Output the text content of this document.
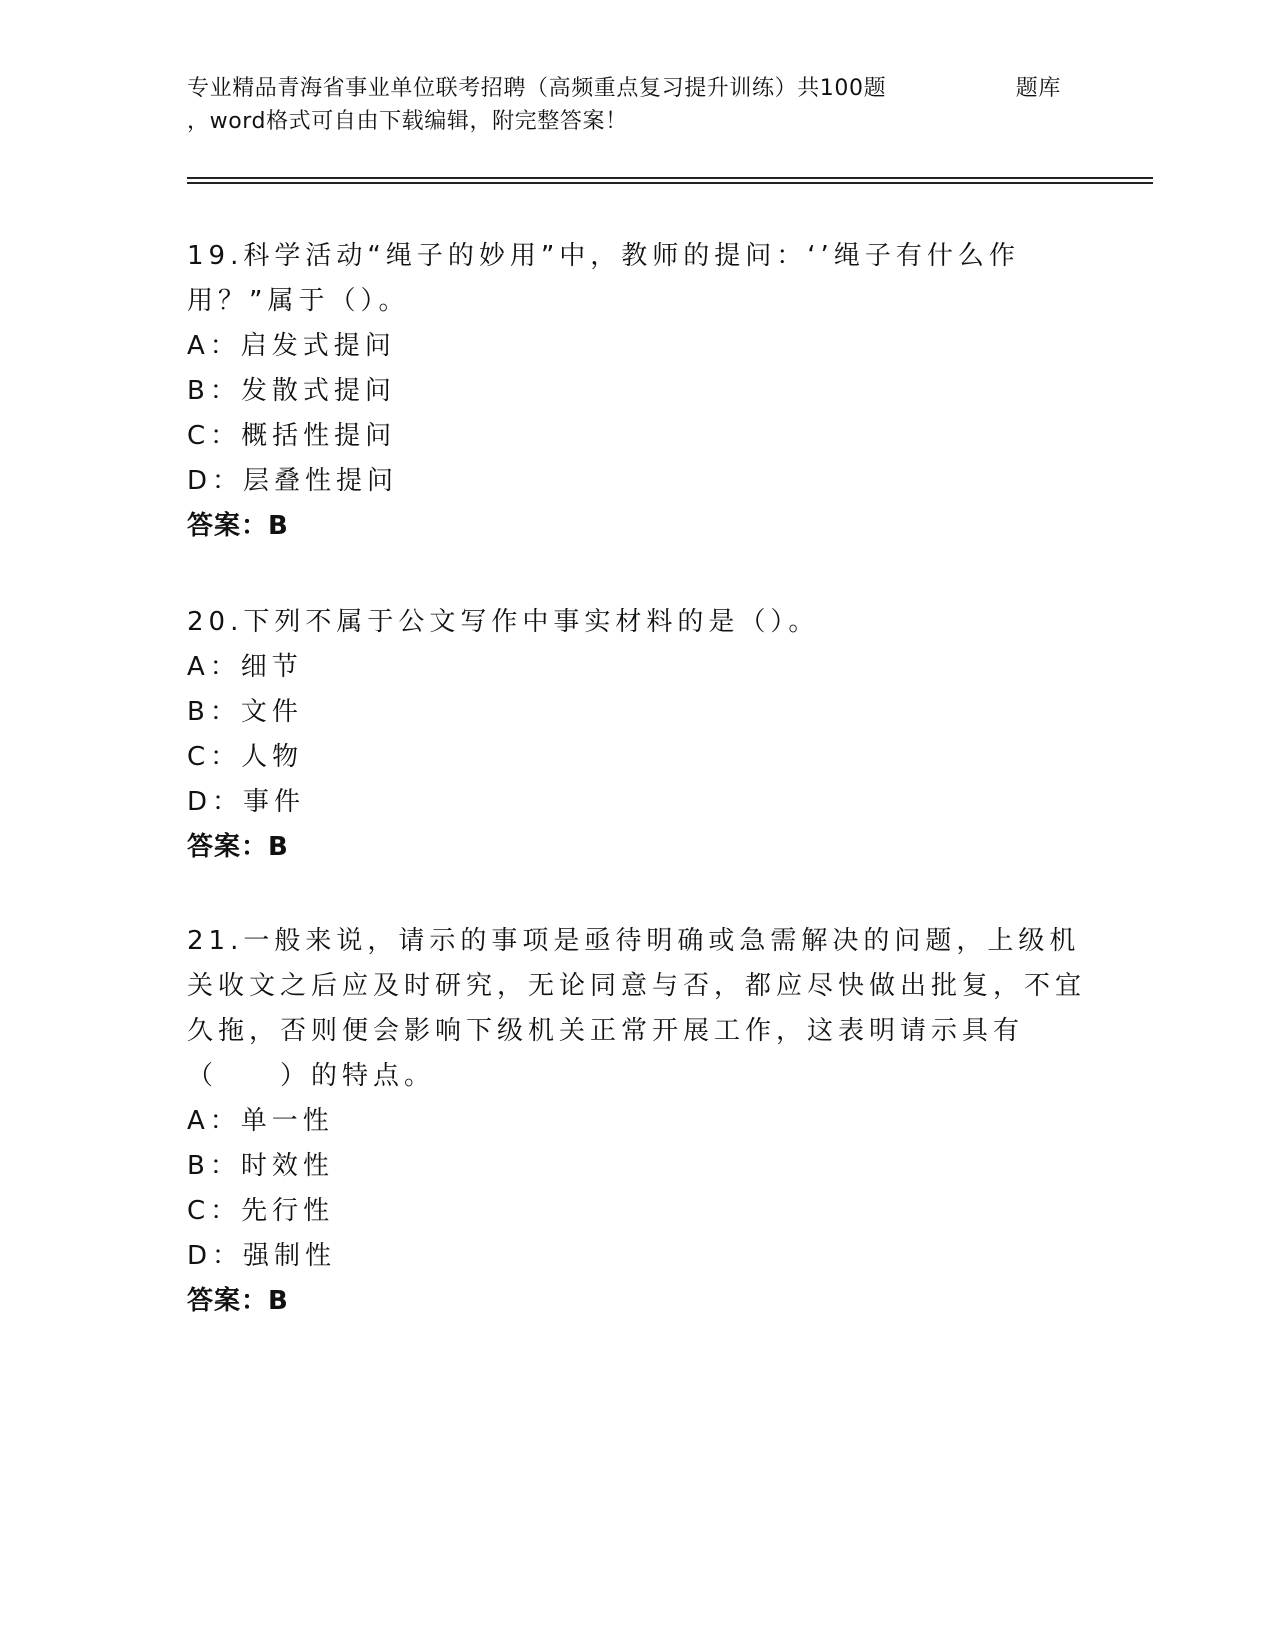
专业精品青海省事业单位联考招聘（高频重点复习提升训练）共100题	题库
，word格式可自由下载编辑，附完整答案！

19.科学活动“绳子的妙用”中，教师的提问：‘’绳子有什么作用？”属于（）。

A：启发式提问

B：发散式提问

C：概括性提问

D：层叠性提问

答案：B

20.下列不属于公文写作中事实材料的是（）。

A：细节

B：文件

C：人物

D：事件

答案：B

21.一般来说，请示的事项是亟待明确或急需解决的问题，上级机关收文之后应及时研究，无论同意与否，都应尽快做出批复，不宜久拖，否则便会影响下级机关正常开展工作，这表明请示具有（　　）的特点。

A：单一性

B：时效性

C：先行性

D：强制性

答案：B
